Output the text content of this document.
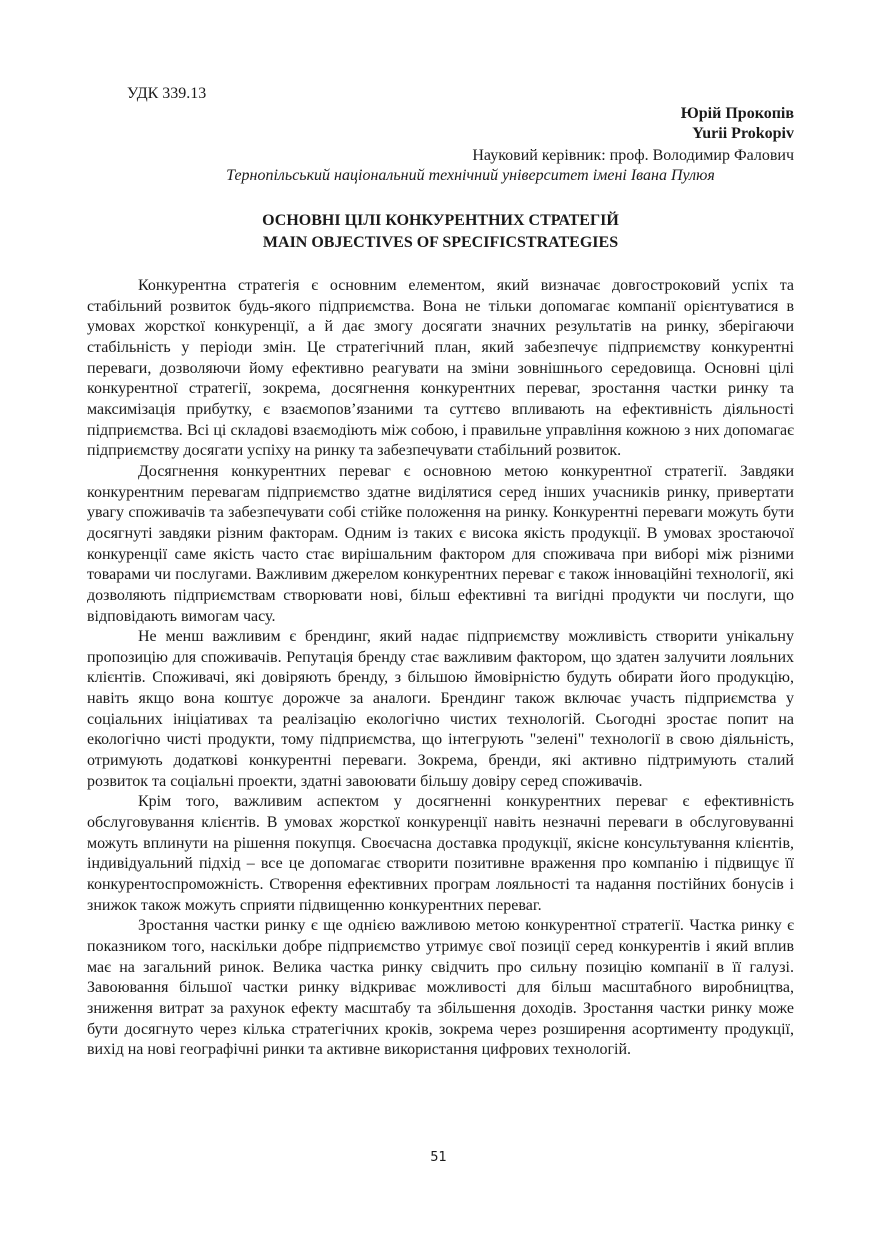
УДК 339.13
Юрій Прокопів
Yurii Prokopiv
Науковий керівник: проф. Володимир Фалович
Тернопільський національний технічний університет імені Івана Пулюя
ОСНОВНІ ЦІЛІ КОНКУРЕНТНИХ СТРАТЕГІЙ
MAIN OBJECTIVES OF SPECIFICSTRATEGIES

Конкурентна стратегія є основним елементом, який визначає довгостроковий успіх та стабільний розвиток будь-якого підприємства. Вона не тільки допомагає компанії орієнтуватися в умовах жорсткої конкуренції, а й дає змогу досягати значних результатів на ринку, зберігаючи стабільність у періоди змін. Це стратегічний план, який забезпечує підприємству конкурентні переваги, дозволяючи йому ефективно реагувати на зміни зовнішнього середовища. Основні цілі конкурентної стратегії, зокрема, досягнення конкурентних переваг, зростання частки ринку та максимізація прибутку, є взаємопов’язаними та суттєво впливають на ефективність діяльності підприємства. Всі ці складові взаємодіють між собою, і правильне управління кожною з них допомагає підприємству досягати успіху на ринку та забезпечувати стабільний розвиток.

Досягнення конкурентних переваг є основною метою конкурентної стратегії. Завдяки конкурентним перевагам підприємство здатне виділятися серед інших учасників ринку, привертати увагу споживачів та забезпечувати собі стійке положення на ринку. Конкурентні переваги можуть бути досягнуті завдяки різним факторам. Одним із таких є висока якість продукції. В умовах зростаючої конкуренції саме якість часто стає вирішальним фактором для споживача при виборі між різними товарами чи послугами. Важливим джерелом конкурентних переваг є також інноваційні технології, які дозволяють підприємствам створювати нові, більш ефективні та вигідні продукти чи послуги, що відповідають вимогам часу.

Не менш важливим є брендинг, який надає підприємству можливість створити унікальну пропозицію для споживачів. Репутація бренду стає важливим фактором, що здатен залучити лояльних клієнтів. Споживачі, які довіряють бренду, з більшою ймовірністю будуть обирати його продукцію, навіть якщо вона коштує дорожче за аналоги. Брендинг також включає участь підприємства у соціальних ініціативах та реалізацію екологічно чистих технологій. Сьогодні зростає попит на екологічно чисті продукти, тому підприємства, що інтегрують "зелені" технології в свою діяльність, отримують додаткові конкурентні переваги. Зокрема, бренди, які активно підтримують сталий розвиток та соціальні проекти, здатні завоювати більшу довіру серед споживачів.

Крім того, важливим аспектом у досягненні конкурентних переваг є ефективність обслуговування клієнтів. В умовах жорсткої конкуренції навіть незначні переваги в обслуговуванні можуть вплинути на рішення покупця. Своєчасна доставка продукції, якісне консультування клієнтів, індивідуальний підхід – все це допомагає створити позитивне враження про компанію і підвищує її конкурентоспроможність. Створення ефективних програм лояльності та надання постійних бонусів і знижок також можуть сприяти підвищенню конкурентних переваг.

Зростання частки ринку є ще однією важливою метою конкурентної стратегії. Частка ринку є показником того, наскільки добре підприємство утримує свої позиції серед конкурентів і який вплив має на загальний ринок. Велика частка ринку свідчить про сильну позицію компанії в її галузі. Завоювання більшої частки ринку відкриває можливості для більш масштабного виробництва, зниження витрат за рахунок ефекту масштабу та збільшення доходів. Зростання частки ринку може бути досягнуто через кілька стратегічних кроків, зокрема через розширення асортименту продукції, вихід на нові географічні ринки та активне використання цифрових технологій.

51
